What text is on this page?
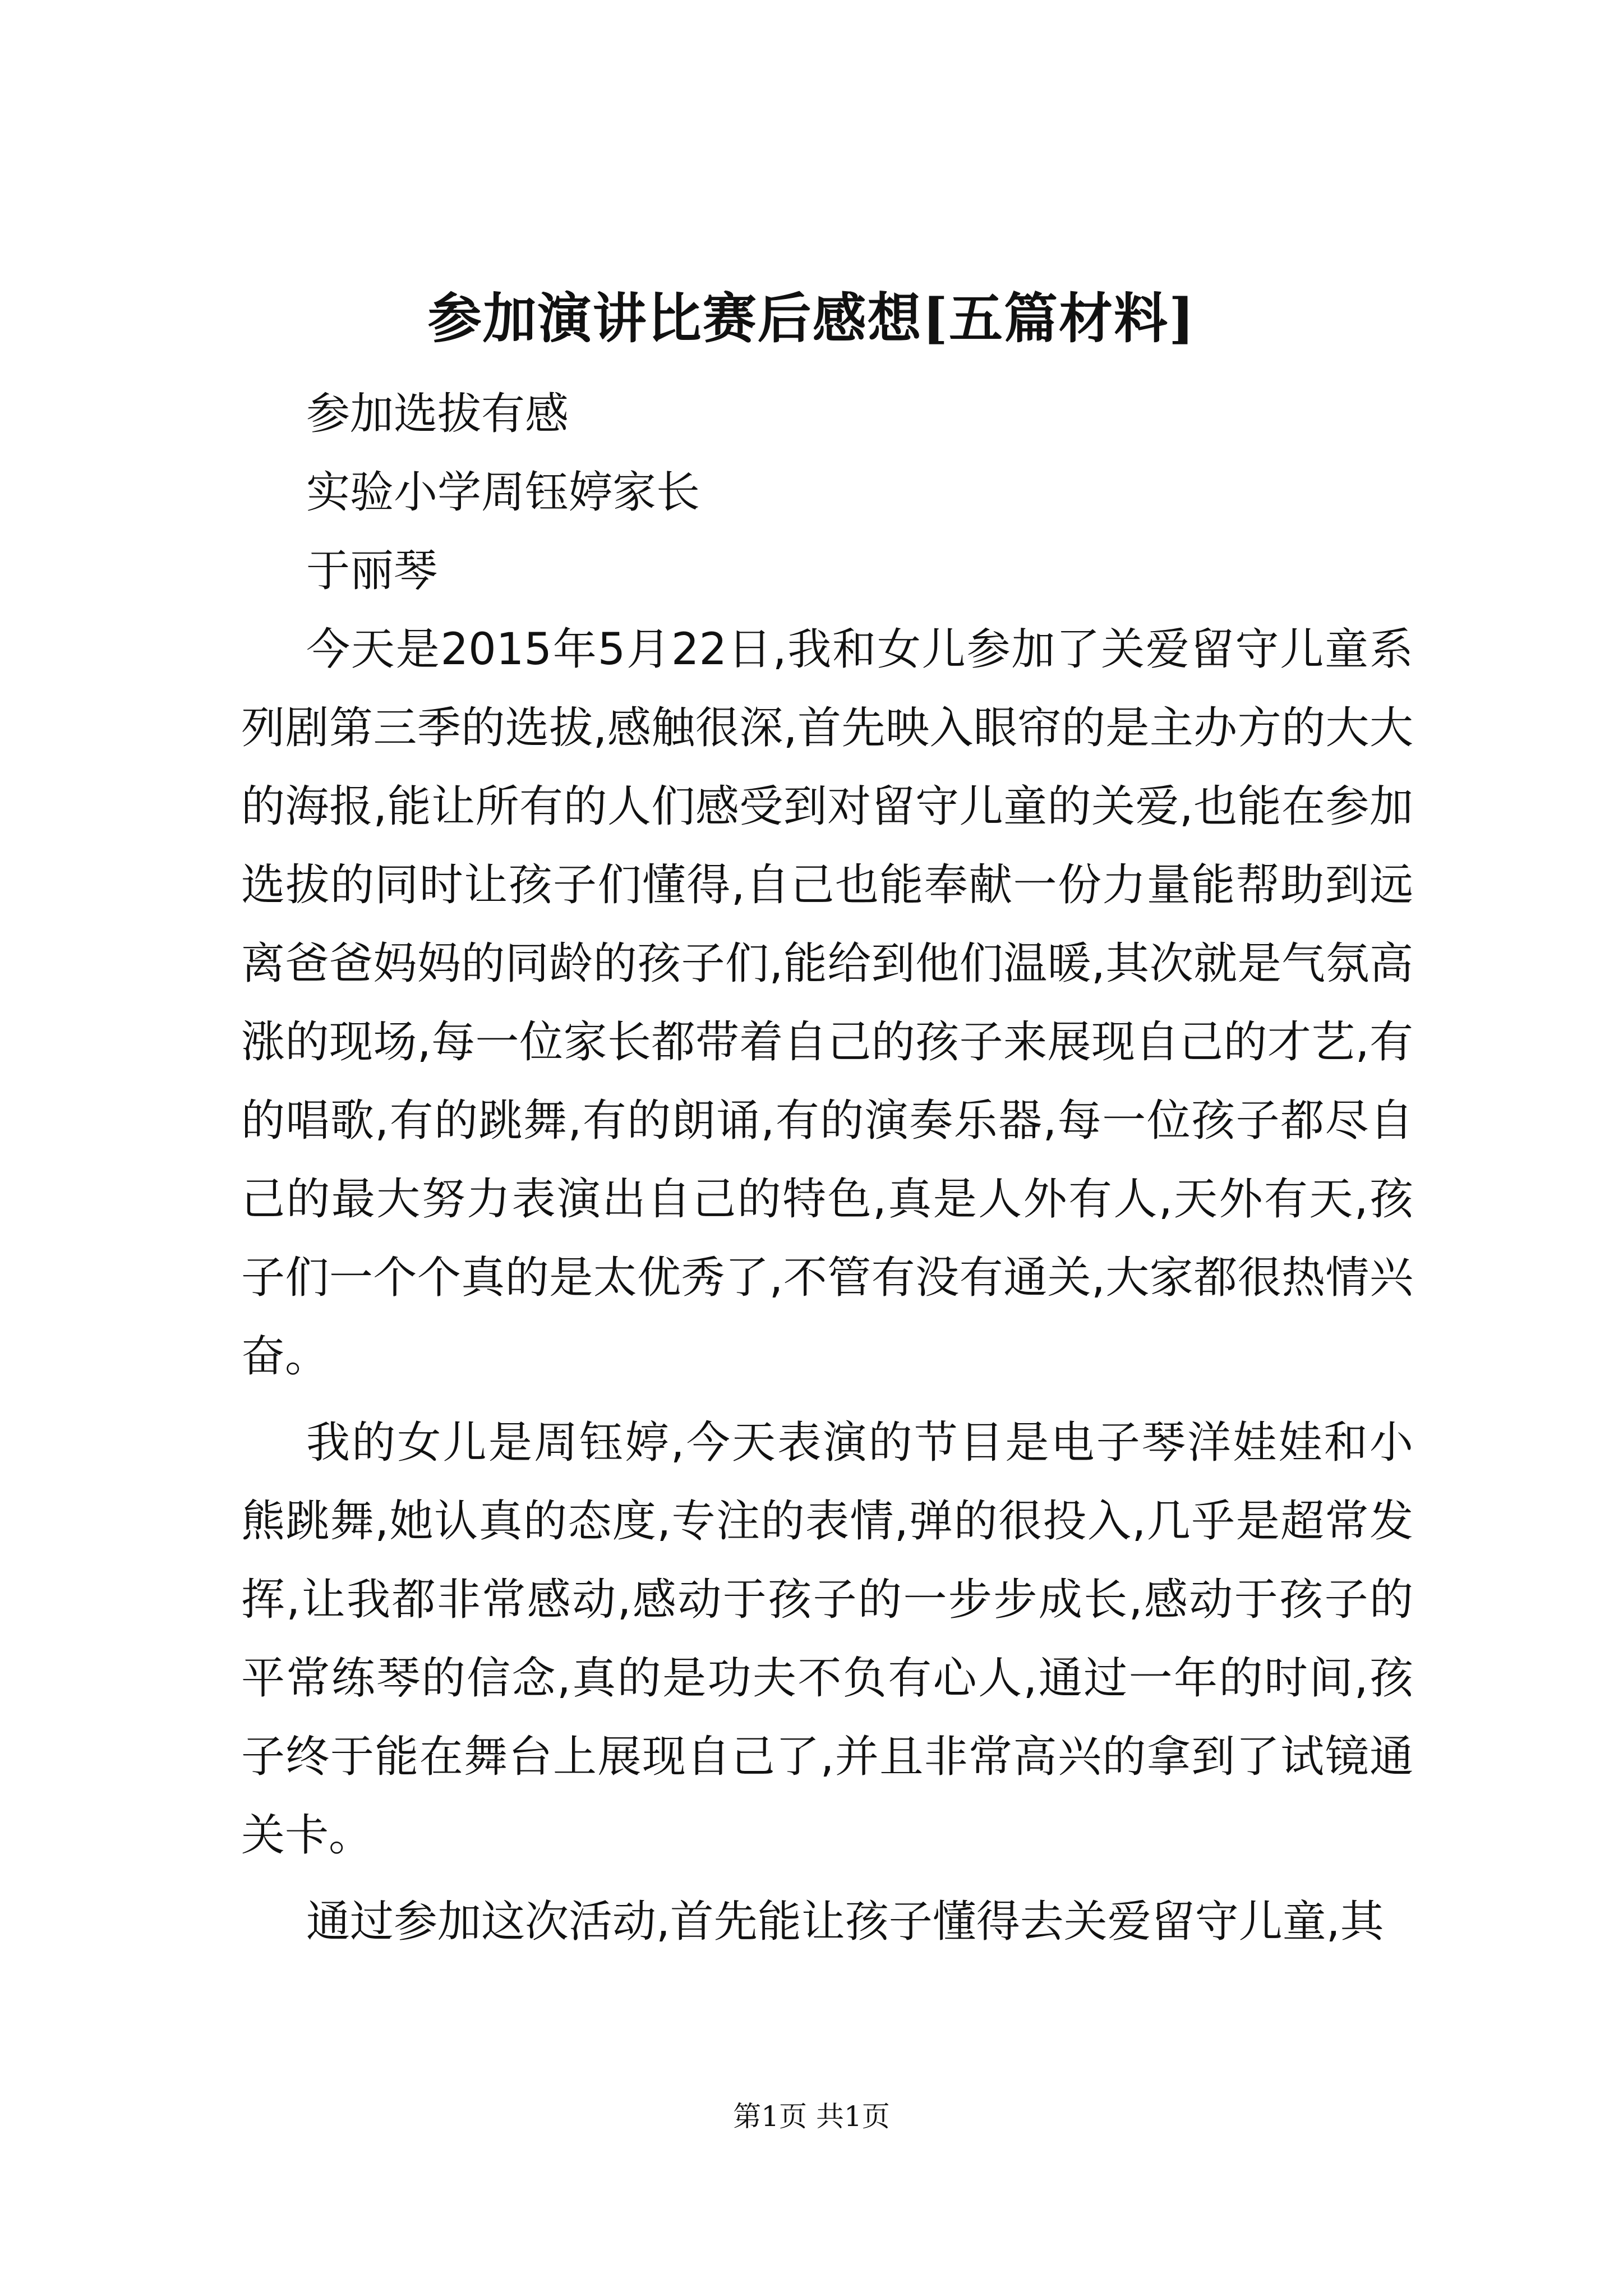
参加演讲比赛后感想[五篇材料]

参加选拔有感

实验小学周钰婷家长

于丽琴

今天是2015年5月22日,我和女儿参加了关爱留守儿童系列剧第三季的选拔,感触很深,首先映入眼帘的是主办方的大大的海报,能让所有的人们感受到对留守儿童的关爱,也能在参加选拔的同时让孩子们懂得,自己也能奉献一份力量能帮助到远离爸爸妈妈的同龄的孩子们,能给到他们温暖,其次就是气氛高涨的现场,每一位家长都带着自己的孩子来展现自己的才艺,有的唱歌,有的跳舞,有的朗诵,有的演奏乐器,每一位孩子都尽自己的最大努力表演出自己的特色,真是人外有人,天外有天,孩子们一个个真的是太优秀了,不管有没有通关,大家都很热情兴奋。

我的女儿是周钰婷,今天表演的节目是电子琴洋娃娃和小熊跳舞,她认真的态度,专注的表情,弹的很投入,几乎是超常发挥,让我都非常感动,感动于孩子的一步步成长,感动于孩子的平常练琴的信念,真的是功夫不负有心人,通过一年的时间,孩子终于能在舞台上展现自己了,并且非常高兴的拿到了试镜通关卡。

通过参加这次活动,首先能让孩子懂得去关爱留守儿童,其

第1页 共1页
